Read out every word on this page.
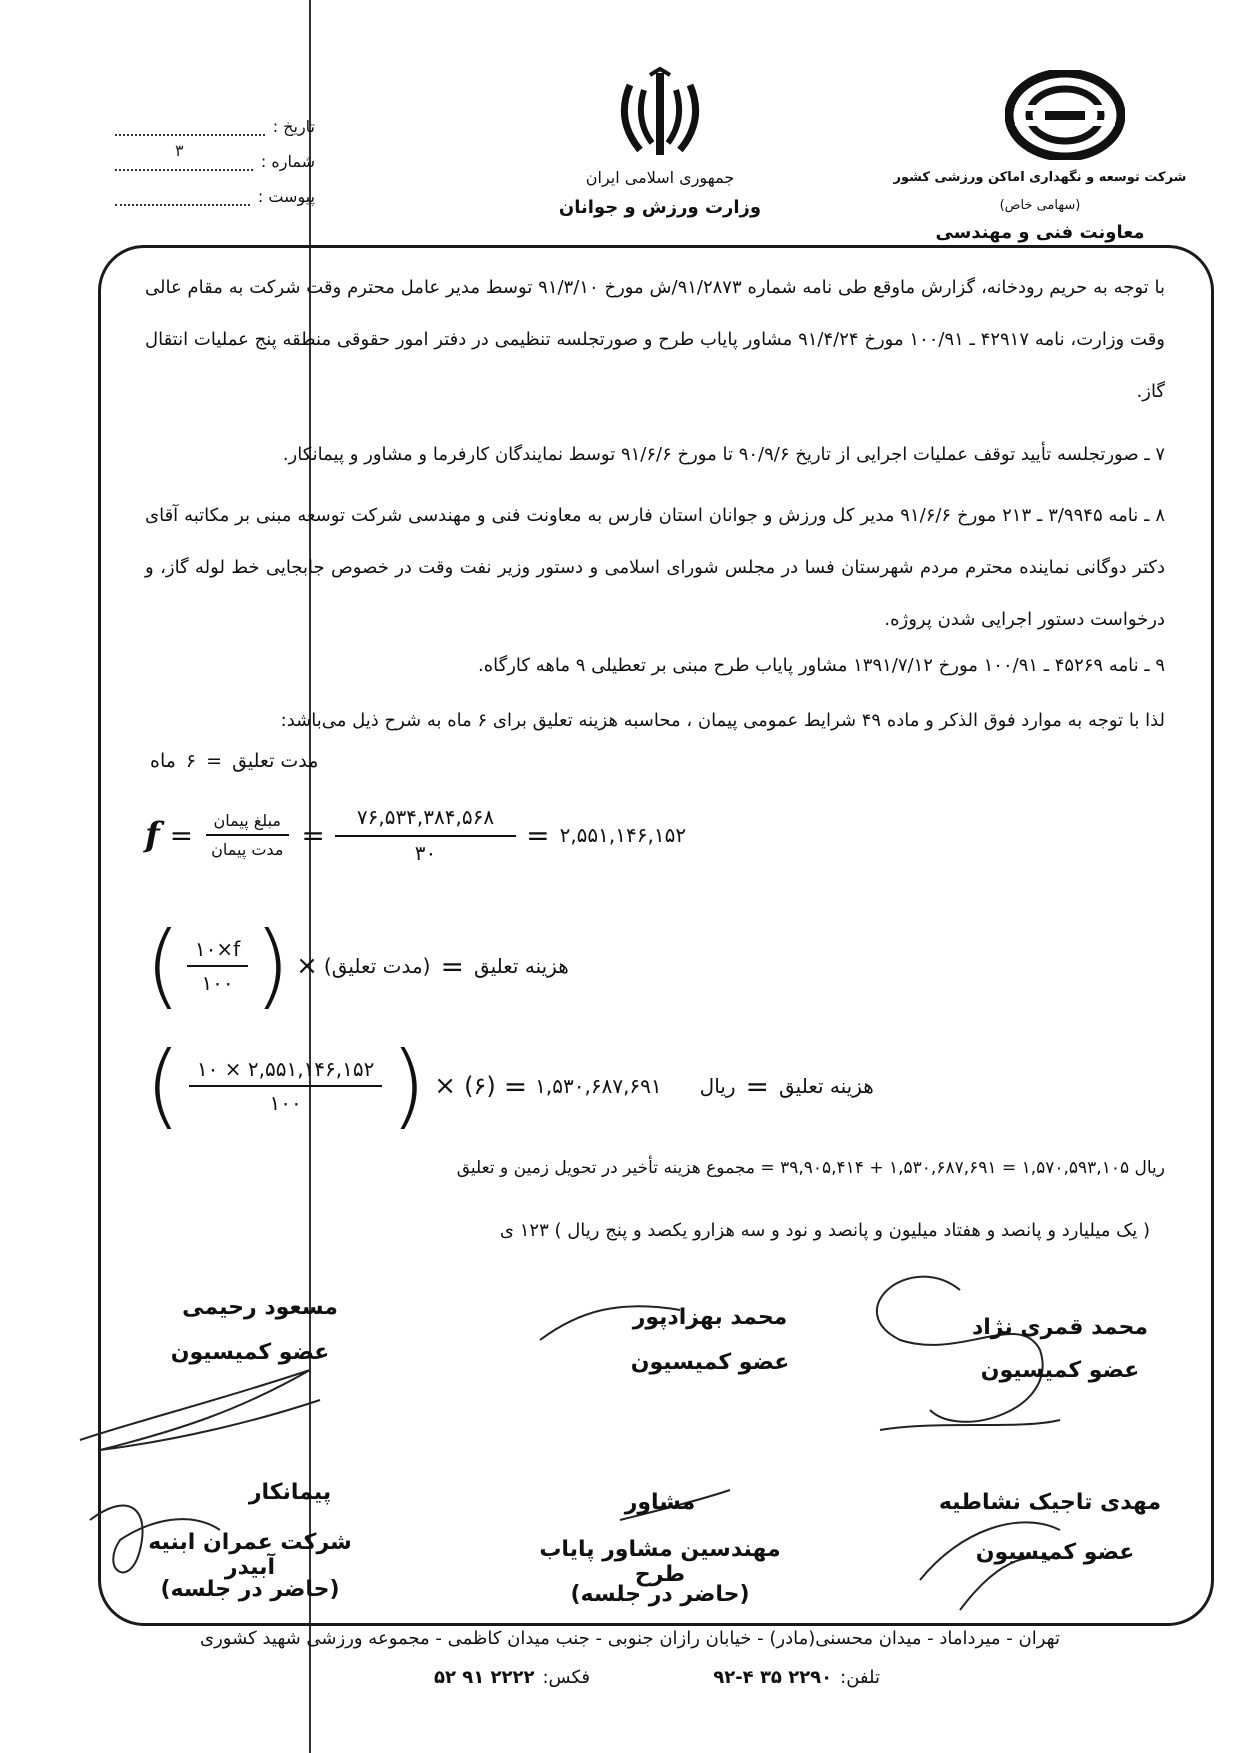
شرکت توسعه و نگهداری اماکن ورزشی کشور
(سهامی خاص)
معاونت فنی و مهندسی
جمهوری اسلامی ایران
وزارت ورزش و جوانان
تاریخ :
شماره :
۳
پیوست :
با توجه به حریم رودخانه، گزارش ماوقع طی نامه شماره ۹۱/۲۸۷۳/ش مورخ ۹۱/۳/۱۰ توسط مدیر عامل محترم وقت شرکت به مقام عالی وقت وزارت، نامه ۴۲۹۱۷ ـ ۱۰۰/۹۱ مورخ ۹۱/۴/۲۴ مشاور پایاب طرح و صورتجلسه تنظیمی در دفتر امور حقوقی منطقه پنج عملیات انتقال گاز.
۷ ـ صورتجلسه تأیید توقف عملیات اجرایی از تاریخ ۹۰/۹/۶ تا مورخ ۹۱/۶/۶ توسط نمایندگان کارفرما و مشاور و پیمانکار.
۸ ـ نامه ۳/۹۹۴۵ ـ ۲۱۳ مورخ ۹۱/۶/۶ مدیر کل ورزش و جوانان استان فارس به معاونت فنی و مهندسی شرکت توسعه مبنی بر مکاتبه آقای دکتر دوگانی نماینده محترم مردم شهرستان فسا در مجلس شورای اسلامی و دستور وزیر نفت وقت در خصوص جابجایی خط لوله گاز، و درخواست دستور اجرایی شدن پروژه.
۹ ـ نامه ۴۵۲۶۹ ـ ۱۰۰/۹۱ مورخ ۱۳۹۱/۷/۱۲ مشاور پایاب طرح مبنی بر تعطیلی ۹ ماهه کارگاه.
لذا با توجه به موارد فوق الذکر و ماده ۴۹ شرایط عمومی پیمان ، محاسبه هزینه تعلیق برای ۶ ماه به شرح ذیل می‌باشد:
مدت تعلیق
=
۶
ماه
$f = \frac{\text{مبلغ پیمان}}{\text{مدت پیمان}} = \frac{۷۶,۵۳۴,۳۸۴,۵۶۸}{۳۰}$ = ۲,۵۵۱,۱۴۶,۱۵۲
هزینه تعلیق
=
( $\frac{۱۰\times f}{۱۰۰}$ ) × (مدت تعلیق)
هزینه تعلیق
=
( $\frac{۱۰ \times ۲,۵۵۱,۱۴۶,۱۵۲}{۱۰۰}$ ) × (۶) = ۱,۵۳۰,۶۸۷,۶۹۱ ریال
ریال ۱,۵۷۰,۵۹۳,۱۰۵ = ۱,۵۳۰,۶۸۷,۶۹۱ + ۳۹,۹۰۵,۴۱۴ = مجموع هزینه تأخیر در تحویل زمین و تعلیق
( یک میلیارد و پانصد و هفتاد میلیون و پانصد و نود و سه هزارو یکصد و پنج ریال ) ۱۲۳ ی
محمد قمری نژاد
عضو کمیسیون
محمد بهزادپور
عضو کمیسیون
مسعود رحیمی
عضو کمیسیون
مهدی تاجیک نشاطیه
عضو کمیسیون
مشاور
مهندسین مشاور پایاب طرح
(حاضر در جلسه)
پیمانکار
شرکت عمران ابنیه آبیدر
(حاضر در جلسه)
تهران - میرداماد - میدان محسنی(مادر) - خیابان رازان جنوبی - جنب میدان کاظمی - مجموعه ورزشی شهید کشوری
تلفن:
۲۲۹۰ ۳۵ ۹۲-۴
فکس:
۲۲۲۲ ۹۱ ۵۲
